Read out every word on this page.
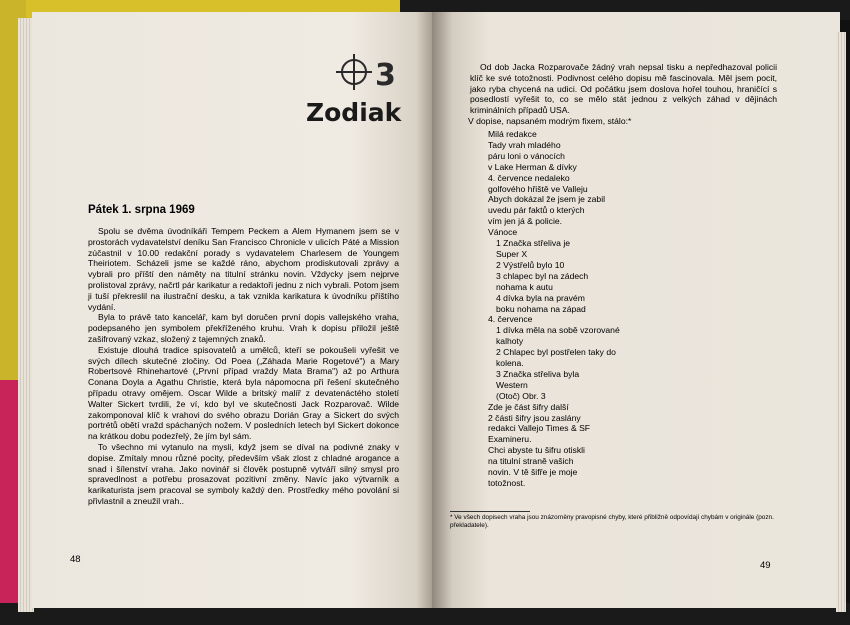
3
Zodiak
Pátek 1. srpna 1969

Spolu se dvěma úvodníkáři Tempem Peckem a Alem Hymanem jsem se v prostorách vydavatelství deníku San Francisco Chronicle v ulicích Páté a Mission zúčastnil v 10.00 redakční porady s vydavatelem Charlesem de Youngem Theiriotem. Scházeli jsme se každé ráno, abychom prodiskutovali zprávy a vybrali pro příští den náměty na titulní stránku novin. Vždycky jsem nejprve prolistoval zprávy, načrtl pár karikatur a redaktoři jednu z nich vybrali. Potom jsem ji tuší překreslil na ilustrační desku, a tak vznikla karikatura k úvodníku příštího vydání.

Byla to právě tato kancelář, kam byl doručen první dopis vallejského vraha, podepsaného jen symbolem překříženého kruhu. Vrah k dopisu přiložil ještě zašifrovaný vzkaz, složený z tajemných znaků.

Existuje dlouhá tradice spisovatelů a umělců, kteří se pokoušeli vyřešit ve svých dílech skutečné zločiny. Od Poea („Záhada Marie Rogetové") a Mary Robertsové Rhinehartové („První případ vraždy Mata Brama") až po Arthura Conana Doyla a Agathu Christie, která byla nápomocna při řešení skutečného případu otravy omějem. Oscar Wilde a britský malíř z devatenáctého století Walter Sickert tvrdili, že ví, kdo byl ve skutečnosti Jack Rozparovač. Wilde zakomponoval klíč k vrahovi do svého obrazu Dorián Gray a Sickert do svých portrétů obětí vražd spáchaných nožem. V posledních letech byl Sickert dokonce na krátkou dobu podezřelý, že jím byl sám.

To všechno mi vytanulo na mysli, když jsem se díval na podivné znaky v dopise. Zmítaly mnou různé pocity, především však zlost z chladné arogance a snad i šílenství vraha. Jako novinář si člověk postupně vytváří silný smysl pro spravedlnost a potřebu prosazovat pozitivní změny. Navíc jako výtvarník a karikaturista jsem pracoval se symboly každý den. Prostředky mého povolání si přivlastnil a zneužil vrah..

48

Od dob Jacka Rozparovače žádný vrah nepsal tisku a nepředhazoval policii klíč ke své totožnosti. Podivnost celého dopisu mě fascinovala. Měl jsem pocit, jako ryba chycená na udici. Od počátku jsem doslova hořel touhou, hraničící s posedlostí vyřešit to, co se mělo stát jednou z velkých záhad v dějinách kriminálních případů USA.

V dopise, napsaném modrým fixem, stálo:*

Milá redakce
Tady vrah mladého
páru loni o vánocích
v Lake Herman & dívky
4. července nedaleko
golfového hřiště ve Valleju
Abych dokázal že jsem je zabil
uvedu pár faktů o kterých
vím jen já & policie.
Vánoce
1 Značka střeliva je
Super X
2 Výstřelů bylo 10
3 chlapec byl na zádech
nohama k autu
4 dívka byla na pravém
boku nohama na západ
4. července
1 dívka měla na sobě vzorované
kalhoty
2 Chlapec byl postřelen taky do
kolena.
3 Značka střeliva byla
Western
(Otoč) Obr. 3
Zde je část šifry další
2 části šifry jsou zaslány
redakci Vallejo Times & SF
Examineru.
Chci abyste tu šifru otiskli
na titulní straně vašich
novin. V tě šifře je moje
totožnost.
* Ve všech dopisech vraha jsou znázorněny pravopisné chyby, které přibližně odpovídají chybám v originále (pozn. překladatele).
49
